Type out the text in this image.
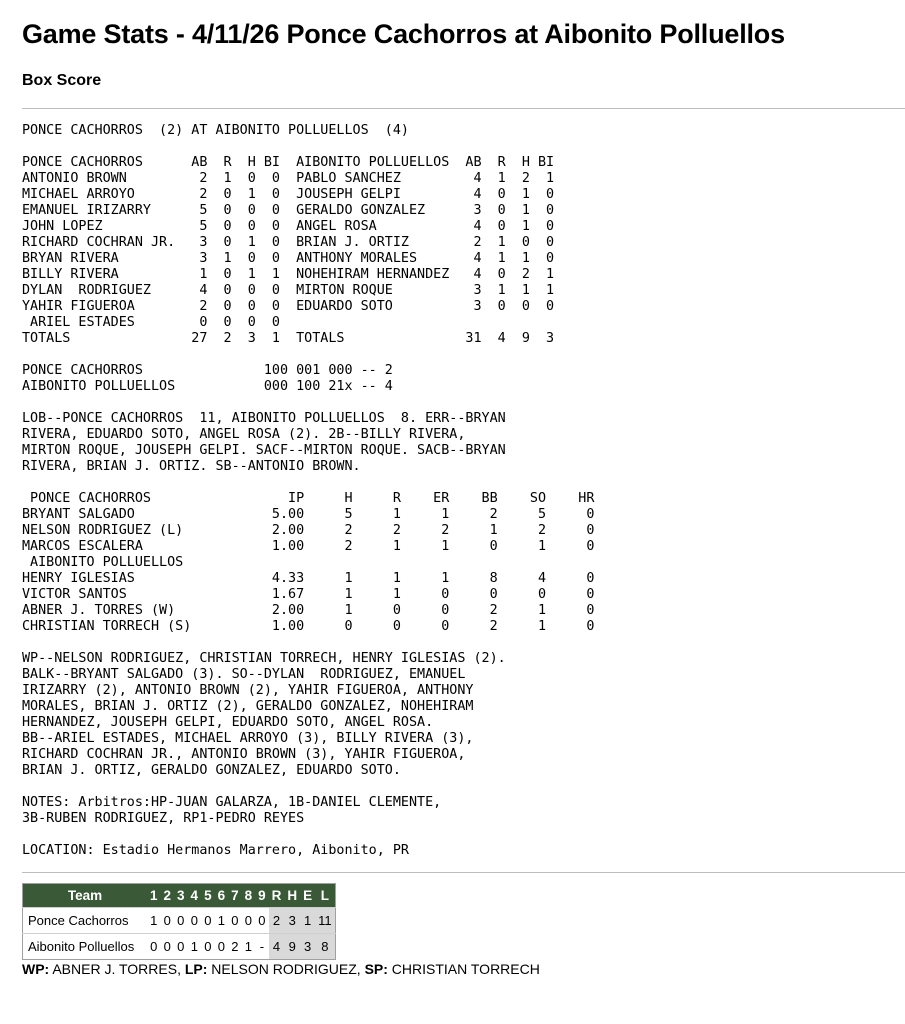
Game Stats - 4/11/26 Ponce Cachorros at Aibonito Polluellos
Box Score
PONCE CACHORROS  (2) AT AIBONITO POLLUELLOS  (4)

PONCE CACHORROS      AB  R  H BI  AIBONITO POLLUELLOS  AB  R  H BI
ANTONIO BROWN         2  1  0  0  PABLO SANCHEZ         4  1  2  1
MICHAEL ARROYO        2  0  1  0  JOUSEPH GELPI         4  0  1  0
EMANUEL IRIZARRY      5  0  0  0  GERALDO GONZALEZ      3  0  1  0
JOHN LOPEZ            5  0  0  0  ANGEL ROSA            4  0  1  0
RICHARD COCHRAN JR.   3  0  1  0  BRIAN J. ORTIZ        2  1  0  0
BRYAN RIVERA          3  1  0  0  ANTHONY MORALES       4  1  1  0
BILLY RIVERA          1  0  1  1  NOHEHIRAM HERNANDEZ   4  0  2  1
DYLAN  RODRIGUEZ      4  0  0  0  MIRTON ROQUE          3  1  1  1
YAHIR FIGUEROA        2  0  0  0  EDUARDO SOTO          3  0  0  0
ARIEL ESTADES        0  0  0  0
TOTALS               27  2  3  1  TOTALS               31  4  9  3

PONCE CACHORROS               100 001 000 -- 2
AIBONITO POLLUELLOS           000 100 21x -- 4

LOB--PONCE CACHORROS  11, AIBONITO POLLUELLOS  8. ERR--BRYAN
RIVERA, EDUARDO SOTO, ANGEL ROSA (2). 2B--BILLY RIVERA,
MIRTON ROQUE, JOUSEPH GELPI. SACF--MIRTON ROQUE. SACB--BRYAN
RIVERA, BRIAN J. ORTIZ. SB--ANTONIO BROWN.

PONCE CACHORROS                 IP     H     R    ER    BB    SO    HR
BRYANT SALGADO                 5.00     5     1     1     2     5     0
NELSON RODRIGUEZ (L)           2.00     2     2     2     1     2     0
MARCOS ESCALERA                1.00     2     1     1     0     1     0
AIBONITO POLLUELLOS
HENRY IGLESIAS                 4.33     1     1     1     8     4     0
VICTOR SANTOS                  1.67     1     1     0     0     0     0
ABNER J. TORRES (W)            2.00     1     0     0     2     1     0
CHRISTIAN TORRECH (S)          1.00     0     0     0     2     1     0

WP--NELSON RODRIGUEZ, CHRISTIAN TORRECH, HENRY IGLESIAS (2).
BALK--BRYANT SALGADO (3). SO--DYLAN  RODRIGUEZ, EMANUEL
IRIZARRY (2), ANTONIO BROWN (2), YAHIR FIGUEROA, ANTHONY
MORALES, BRIAN J. ORTIZ (2), GERALDO GONZALEZ, NOHEHIRAM
HERNANDEZ, JOUSEPH GELPI, EDUARDO SOTO, ANGEL ROSA.
BB--ARIEL ESTADES, MICHAEL ARROYO (3), BILLY RIVERA (3),
RICHARD COCHRAN JR., ANTONIO BROWN (3), YAHIR FIGUEROA,
BRIAN J. ORTIZ, GERALDO GONZALEZ, EDUARDO SOTO.

NOTES: Arbitros:HP-JUAN GALARZA, 1B-DANIEL CLEMENTE,
3B-RUBEN RODRIGUEZ, RP1-PEDRO REYES

LOCATION: Estadio Hermanos Marrero, Aibonito, PR
Team	1	2	3	4	5	6	7	8	9	R	H	E	L
Ponce Cachorros	1	0	0	0	0	1	0	0	0	2	3	1	11
Aibonito Polluellos	0	0	0	1	0	0	2	1	-	4	9	3	8
WP: ABNER J. TORRES, LP: NELSON RODRIGUEZ, SP: CHRISTIAN TORRECH
